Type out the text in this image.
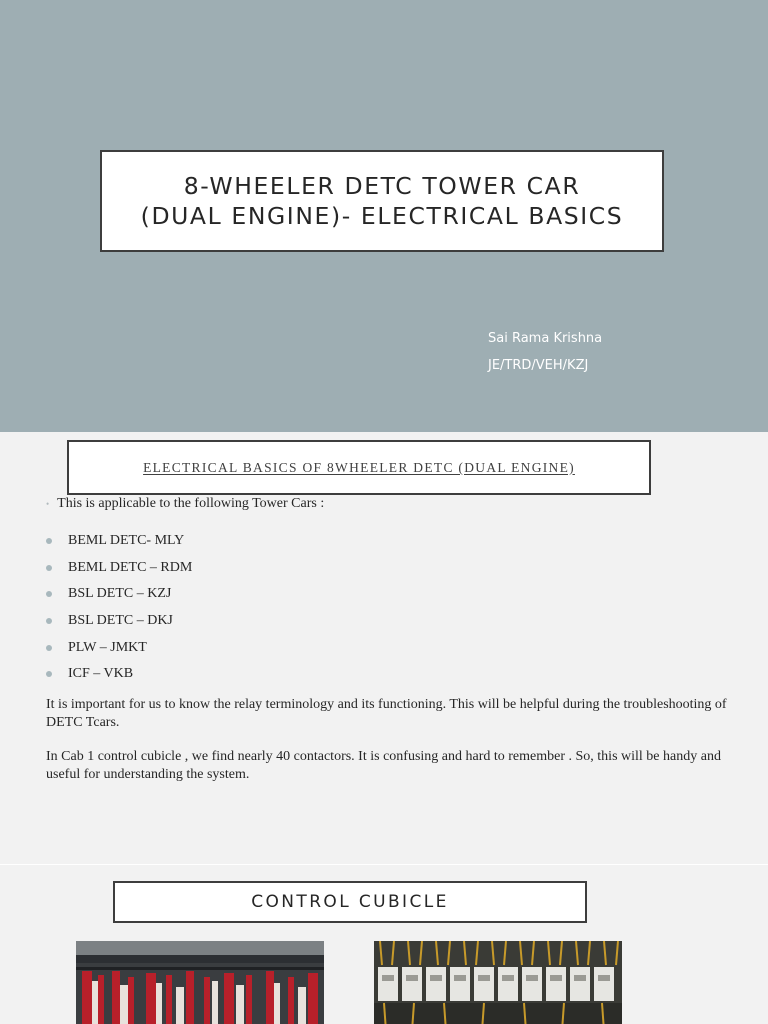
8-WHEELER DETC TOWER CAR
(DUAL ENGINE)- ELECTRICAL BASICS
Sai Rama Krishna
JE/TRD/VEH/KZJ
ELECTRICAL BASICS OF 8WHEELER DETC (DUAL ENGINE)
• This is applicable to the following Tower Cars :
BEML DETC- MLY
BEML DETC – RDM
BSL DETC – KZJ
BSL DETC – DKJ
PLW – JMKT
ICF – VKB

It is important for us to know the relay terminology and its functioning. This will be helpful during the troubleshooting of DETC Tcars.

In Cab 1 control cubicle , we find nearly 40 contactors. It is confusing and hard to remember . So, this will be handy and useful for understanding the system.

CONTROL CUBICLE
